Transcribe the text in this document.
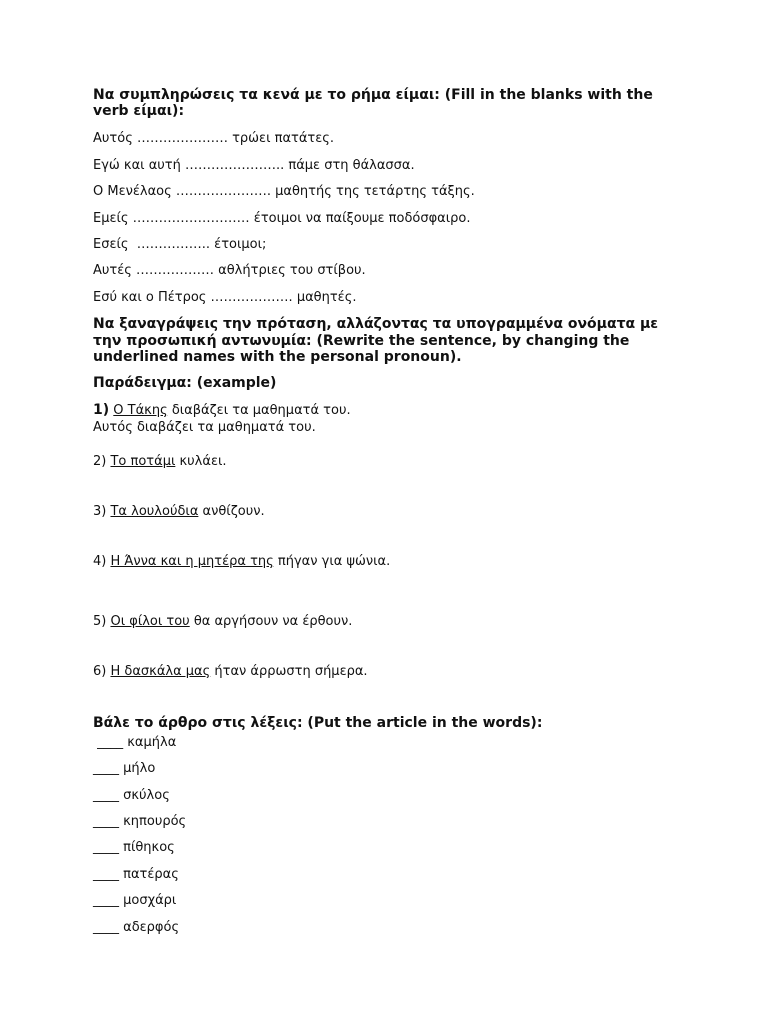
Να συμπληρώσεις τα κενά με το ρήμα είμαι: (Fill in the blanks with the
verb είμαι):
Αυτός ………………… τρώει πατάτες.
Εγώ και αυτή ………………….. πάμε στη θάλασσα.
Ο Μενέλαος …………………. μαθητής της τετάρτης τάξης.
Εμείς ……………………… έτοιμοι να παίξουμε ποδόσφαιρο.
Εσείς  …………….. έτοιμοι;
Αυτές ……………… αθλήτριες του στίβου.
Εσύ και ο Πέτρος ………………. μαθητές.
Να ξαναγράψεις την πρόταση, αλλάζοντας τα υπογραμμένα ονόματα με
την προσωπική αντωνυμία: (Rewrite the sentence, by changing the
underlined names with the personal pronoun).
Παράδειγμα: (example)
1) Ο Τάκης διαβάζει τα μαθηματά του.
Αυτός διαβάζει τα μαθηματά του.
2) Το ποτάμι κυλάει.
3) Τα λουλούδια ανθίζουν.
4) Η Άννα και η μητέρα της πήγαν για ψώνια.
5) Οι φίλοι του θα αργήσουν να έρθουν.
6) Η δασκάλα μας ήταν άρρωστη σήμερα.
Βάλε το άρθρο στις λέξεις: (Put the article in the words):
____ καμήλα
____ μήλο
____ σκύλος
____ κηπουρός
____ πίθηκος
____ πατέρας
____ μοσχάρι
____ αδερφός
